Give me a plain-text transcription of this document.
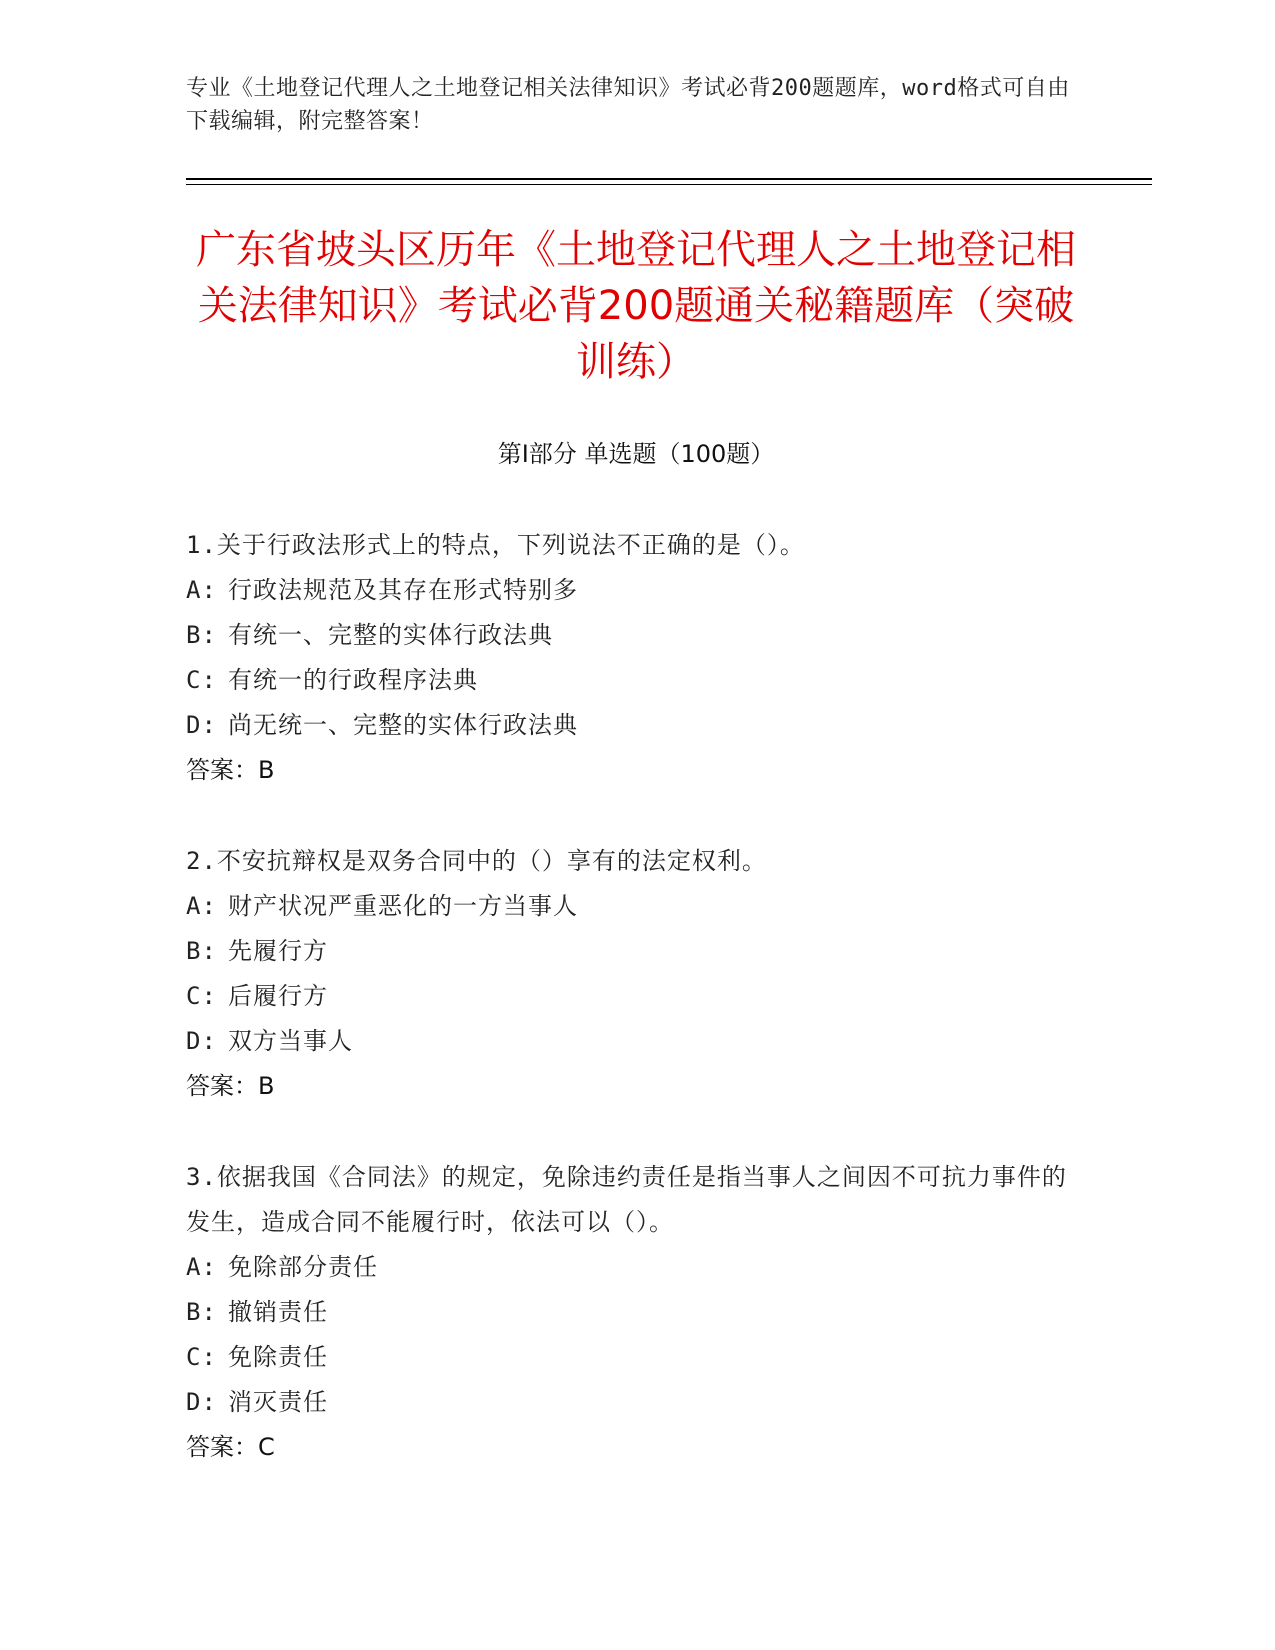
专业《土地登记代理人之土地登记相关法律知识》考试必背200题题库，word格式可自由下载编辑，附完整答案！
广东省坡头区历年《土地登记代理人之土地登记相关法律知识》考试必背200题通关秘籍题库（突破训练）
第Ⅰ部分 单选题（100题）
1.关于行政法形式上的特点，下列说法不正确的是（）。
A: 行政法规范及其存在形式特别多
B: 有统一、完整的实体行政法典
C: 有统一的行政程序法典
D: 尚无统一、完整的实体行政法典
答案：B
2.不安抗辩权是双务合同中的（）享有的法定权利。
A: 财产状况严重恶化的一方当事人
B: 先履行方
C: 后履行方
D: 双方当事人
答案：B
3.依据我国《合同法》的规定，免除违约责任是指当事人之间因不可抗力事件的发生，造成合同不能履行时，依法可以（）。
A: 免除部分责任
B: 撤销责任
C: 免除责任
D: 消灭责任
答案：C
